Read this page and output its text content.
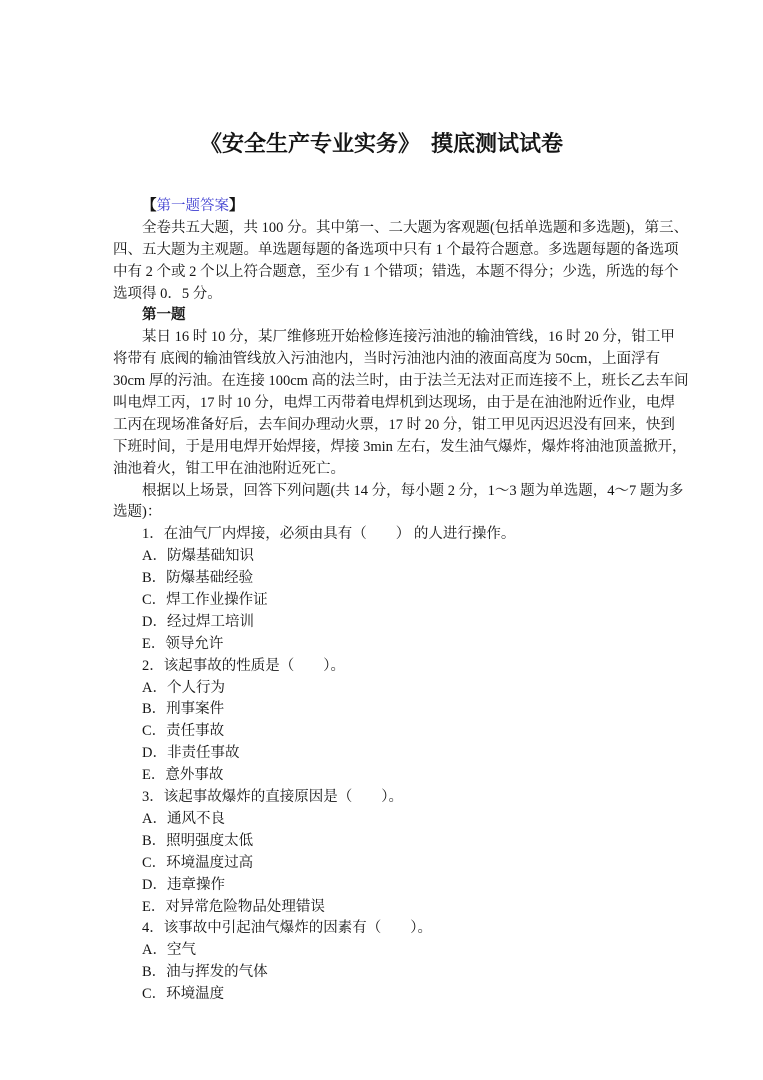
《安全生产专业实务》　摸底测试试卷
【第一题答案】
全卷共五大题，共 100 分。其中第一、二大题为客观题(包括单选题和多选题)，第三、
四、五大题为主观题。单选题每题的备选项中只有 1 个最符合题意。多选题每题的备选项
中有 2 个或 2 个以上符合题意，至少有 1 个错项；错选，本题不得分；少选，所选的每个
选项得 0．5 分。
第一题
某日 16 时 10 分，某厂维修班开始检修连接污油池的输油管线，16 时 20 分，钳工甲
将带有 底阀的输油管线放入污油池内，当时污油池内油的液面高度为 50cm，上面浮有
30cm 厚的污油。在连接 100cm 高的法兰时，由于法兰无法对正而连接不上，班长乙去车间
叫电焊工丙，17 时 10 分，电焊工丙带着电焊机到达现场，由于是在油池附近作业，电焊
工丙在现场准备好后，去车间办理动火票，17 时 20 分，钳工甲见丙迟迟没有回来，快到
下班时间，于是用电焊开始焊接，焊接 3min 左右，发生油气爆炸，爆炸将油池顶盖掀开，
油池着火，钳工甲在油池附近死亡。
根据以上场景，回答下列问题(共 14 分，每小题 2 分，1～3 题为单选题，4～7 题为多
选题)：
1．在油气厂内焊接，必须由具有（　　） 的人进行操作。
A．防爆基础知识
B．防爆基础经验
C．焊工作业操作证
D．经过焊工培训
E．领导允许
2．该起事故的性质是（　　）。
A．个人行为
B．刑事案件
C．责任事故
D．非责任事故
E．意外事故
3．该起事故爆炸的直接原因是（　　）。
A．通风不良
B．照明强度太低
C．环境温度过高
D．违章操作
E．对异常危险物品处理错误
4．该事故中引起油气爆炸的因素有（　　）。
A．空气
B．油与挥发的气体
C．环境温度
